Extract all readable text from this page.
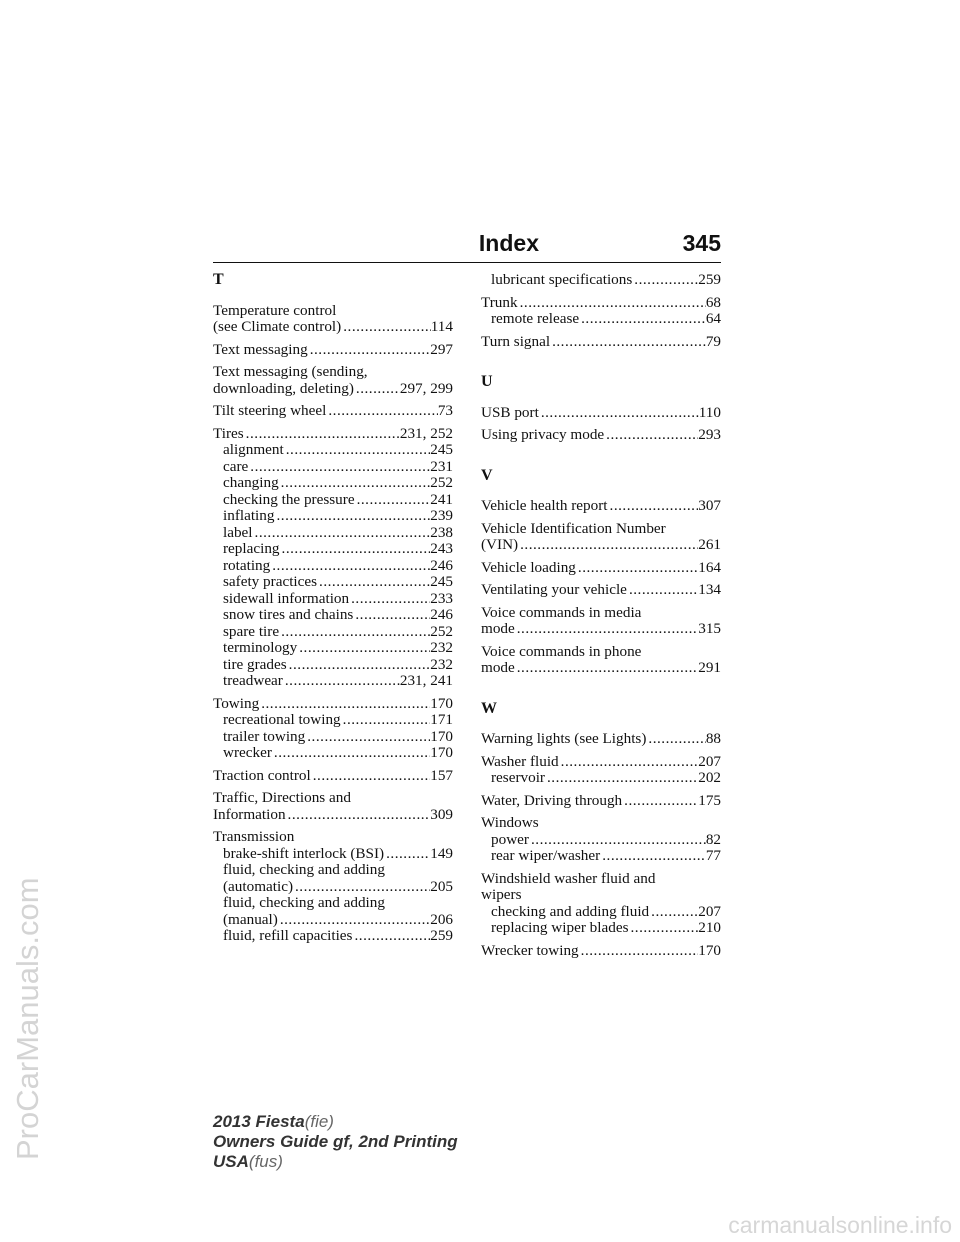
ProCarManuals.com
Index	345
T
Temperature control
(see Climate control) .....	114
Text messaging .....	297
Text messaging (sending,
downloading, deleting) .....	297, 299
Tilt steering wheel .....	73
Tires .....	231, 252
alignment .....	245
care .....	231
changing .....	252
checking the pressure .....	241
inflating .....	239
label .....	238
replacing .....	243
rotating .....	246
safety practices .....	245
sidewall information .....	233
snow tires and chains .....	246
spare tire .....	252
terminology .....	232
tire grades .....	232
treadwear .....	231, 241
Towing .....	170
recreational towing .....	171
trailer towing .....	170
wrecker .....	170
Traction control .....	157
Traffic, Directions and
Information .....	309
Transmission
brake-shift interlock (BSI) .....	149
fluid, checking and adding
(automatic) .....	205
fluid, checking and adding
(manual) .....	206
fluid, refill capacities .....	259
lubricant specifications .....	259
Trunk .....	68
remote release .....	64
Turn signal .....	79
U
USB port .....	110
Using privacy mode .....	293
V
Vehicle health report .....	307
Vehicle Identification Number
(VIN) .....	261
Vehicle loading .....	164
Ventilating your vehicle .....	134
Voice commands in media
mode .....	315
Voice commands in phone
mode .....	291
W
Warning lights (see Lights) .....	88
Washer fluid .....	207
reservoir .....	202
Water, Driving through .....	175
Windows
power .....	82
rear wiper/washer .....	77
Windshield washer fluid and
wipers
checking and adding fluid .....	207
replacing wiper blades .....	210
Wrecker towing .....	170
2013 Fiesta(fie)
Owners Guide gf, 2nd Printing
USA(fus)
carmanualsonline.info
